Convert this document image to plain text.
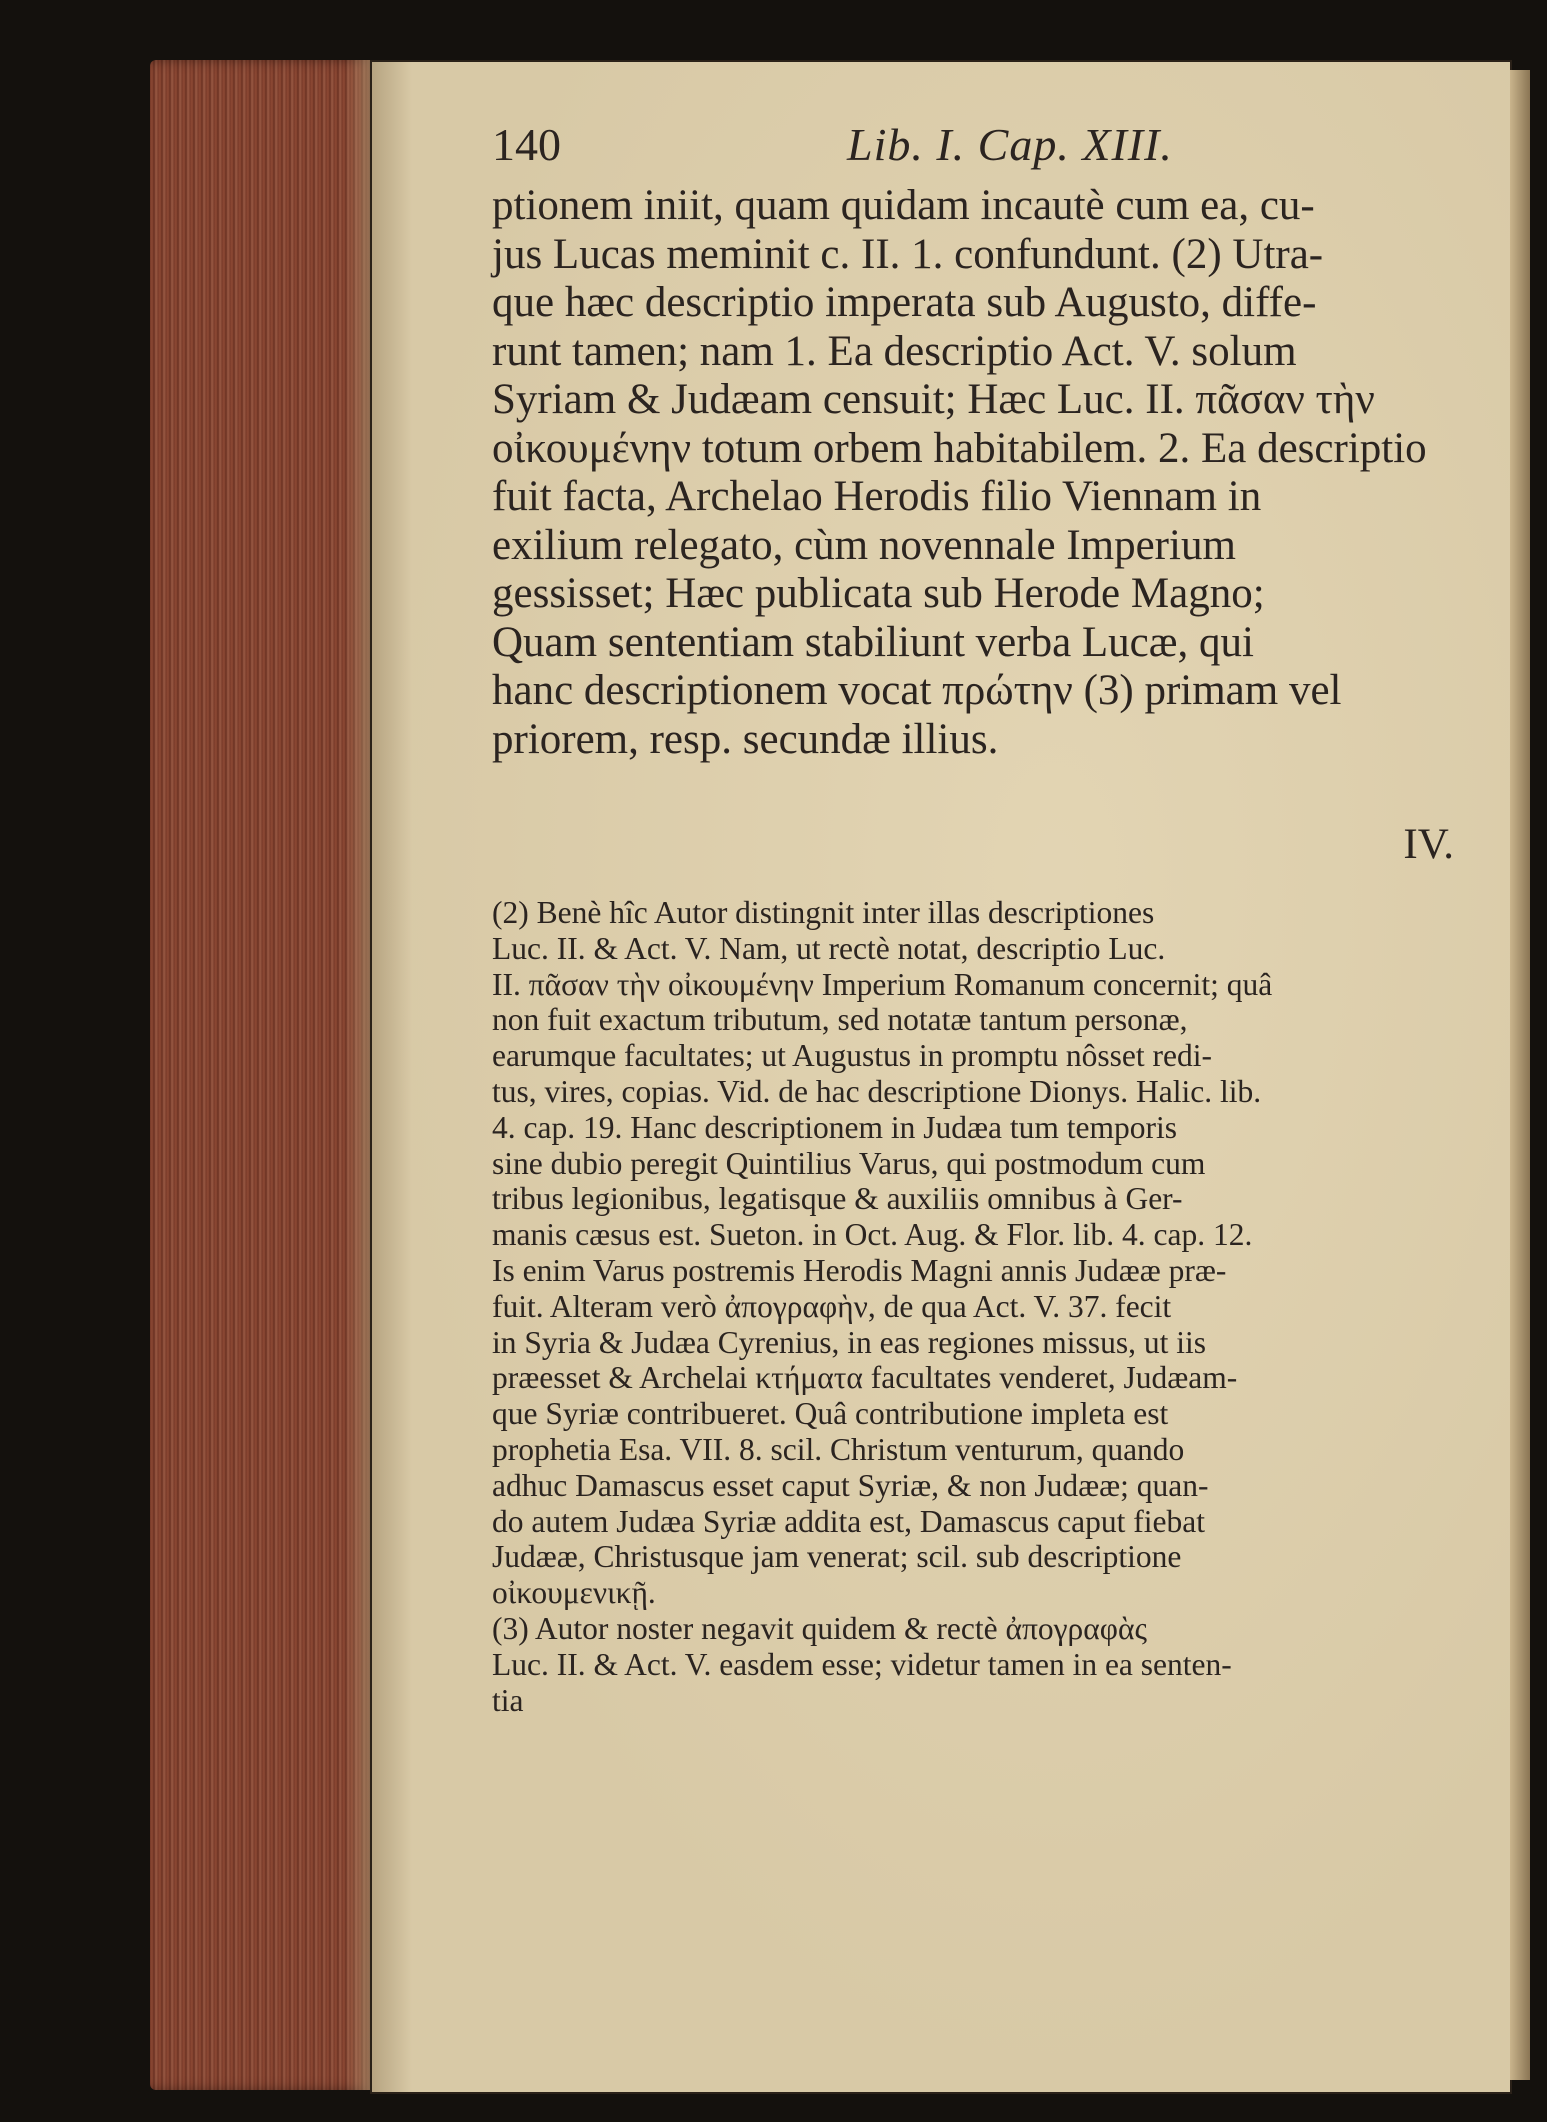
140	Lib. I. Cap. XIII.
ptionem iniit, quam quidam incautè cum ea, cu-
jus Lucas meminit c. II. 1. confundunt. (2) Utra-
que hæc descriptio imperata sub Augusto, diffe-
runt tamen; nam 1. Ea descriptio Act. V. solum
Syriam & Judæam censuit; Hæc Luc. II. πᾶσαν τὴν
οἰκουμένην totum orbem habitabilem. 2. Ea descriptio
fuit facta, Archelao Herodis filio Viennam in
exilium relegato, cùm novennale Imperium
gessisset; Hæc publicata sub Herode Magno;
Quam sententiam stabiliunt verba Lucæ, qui
hanc descriptionem vocat πρώτην (3) primam vel
priorem, resp. secundæ illius.
IV.
(2) Benè hîc Autor distingnit inter illas descriptiones
Luc. II. & Act. V. Nam, ut rectè notat, descriptio Luc.
II. πᾶσαν τὴν οἰκουμένην Imperium Romanum concernit; quâ
non fuit exactum tributum, sed notatæ tantum personæ,
earumque facultates; ut Augustus in promptu nôsset redi-
tus, vires, copias. Vid. de hac descriptione Dionys. Halic. lib.
4. cap. 19. Hanc descriptionem in Judæa tum temporis
sine dubio peregit Quintilius Varus, qui postmodum cum
tribus legionibus, legatisque & auxiliis omnibus à Ger-
manis cæsus est. Sueton. in Oct. Aug. & Flor. lib. 4. cap. 12.
Is enim Varus postremis Herodis Magni annis Judææ præ-
fuit. Alteram verò ἀπογραφὴν, de qua Act. V. 37. fecit
in Syria & Judæa Cyrenius, in eas regiones missus, ut iis
præesset & Archelai κτήματα facultates venderet, Judæam-
que Syriæ contribueret. Quâ contributione impleta est
prophetia Esa. VII. 8. scil. Christum venturum, quando
adhuc Damascus esset caput Syriæ, & non Judææ; quan-
do autem Judæa Syriæ addita est, Damascus caput fiebat
Judææ, Christusque jam venerat; scil. sub descriptione
οἰκουμενικῇ.
(3) Autor noster negavit quidem & rectè ἀπογραφὰς
Luc. II. & Act. V. easdem esse; videtur tamen in ea senten-
tia
